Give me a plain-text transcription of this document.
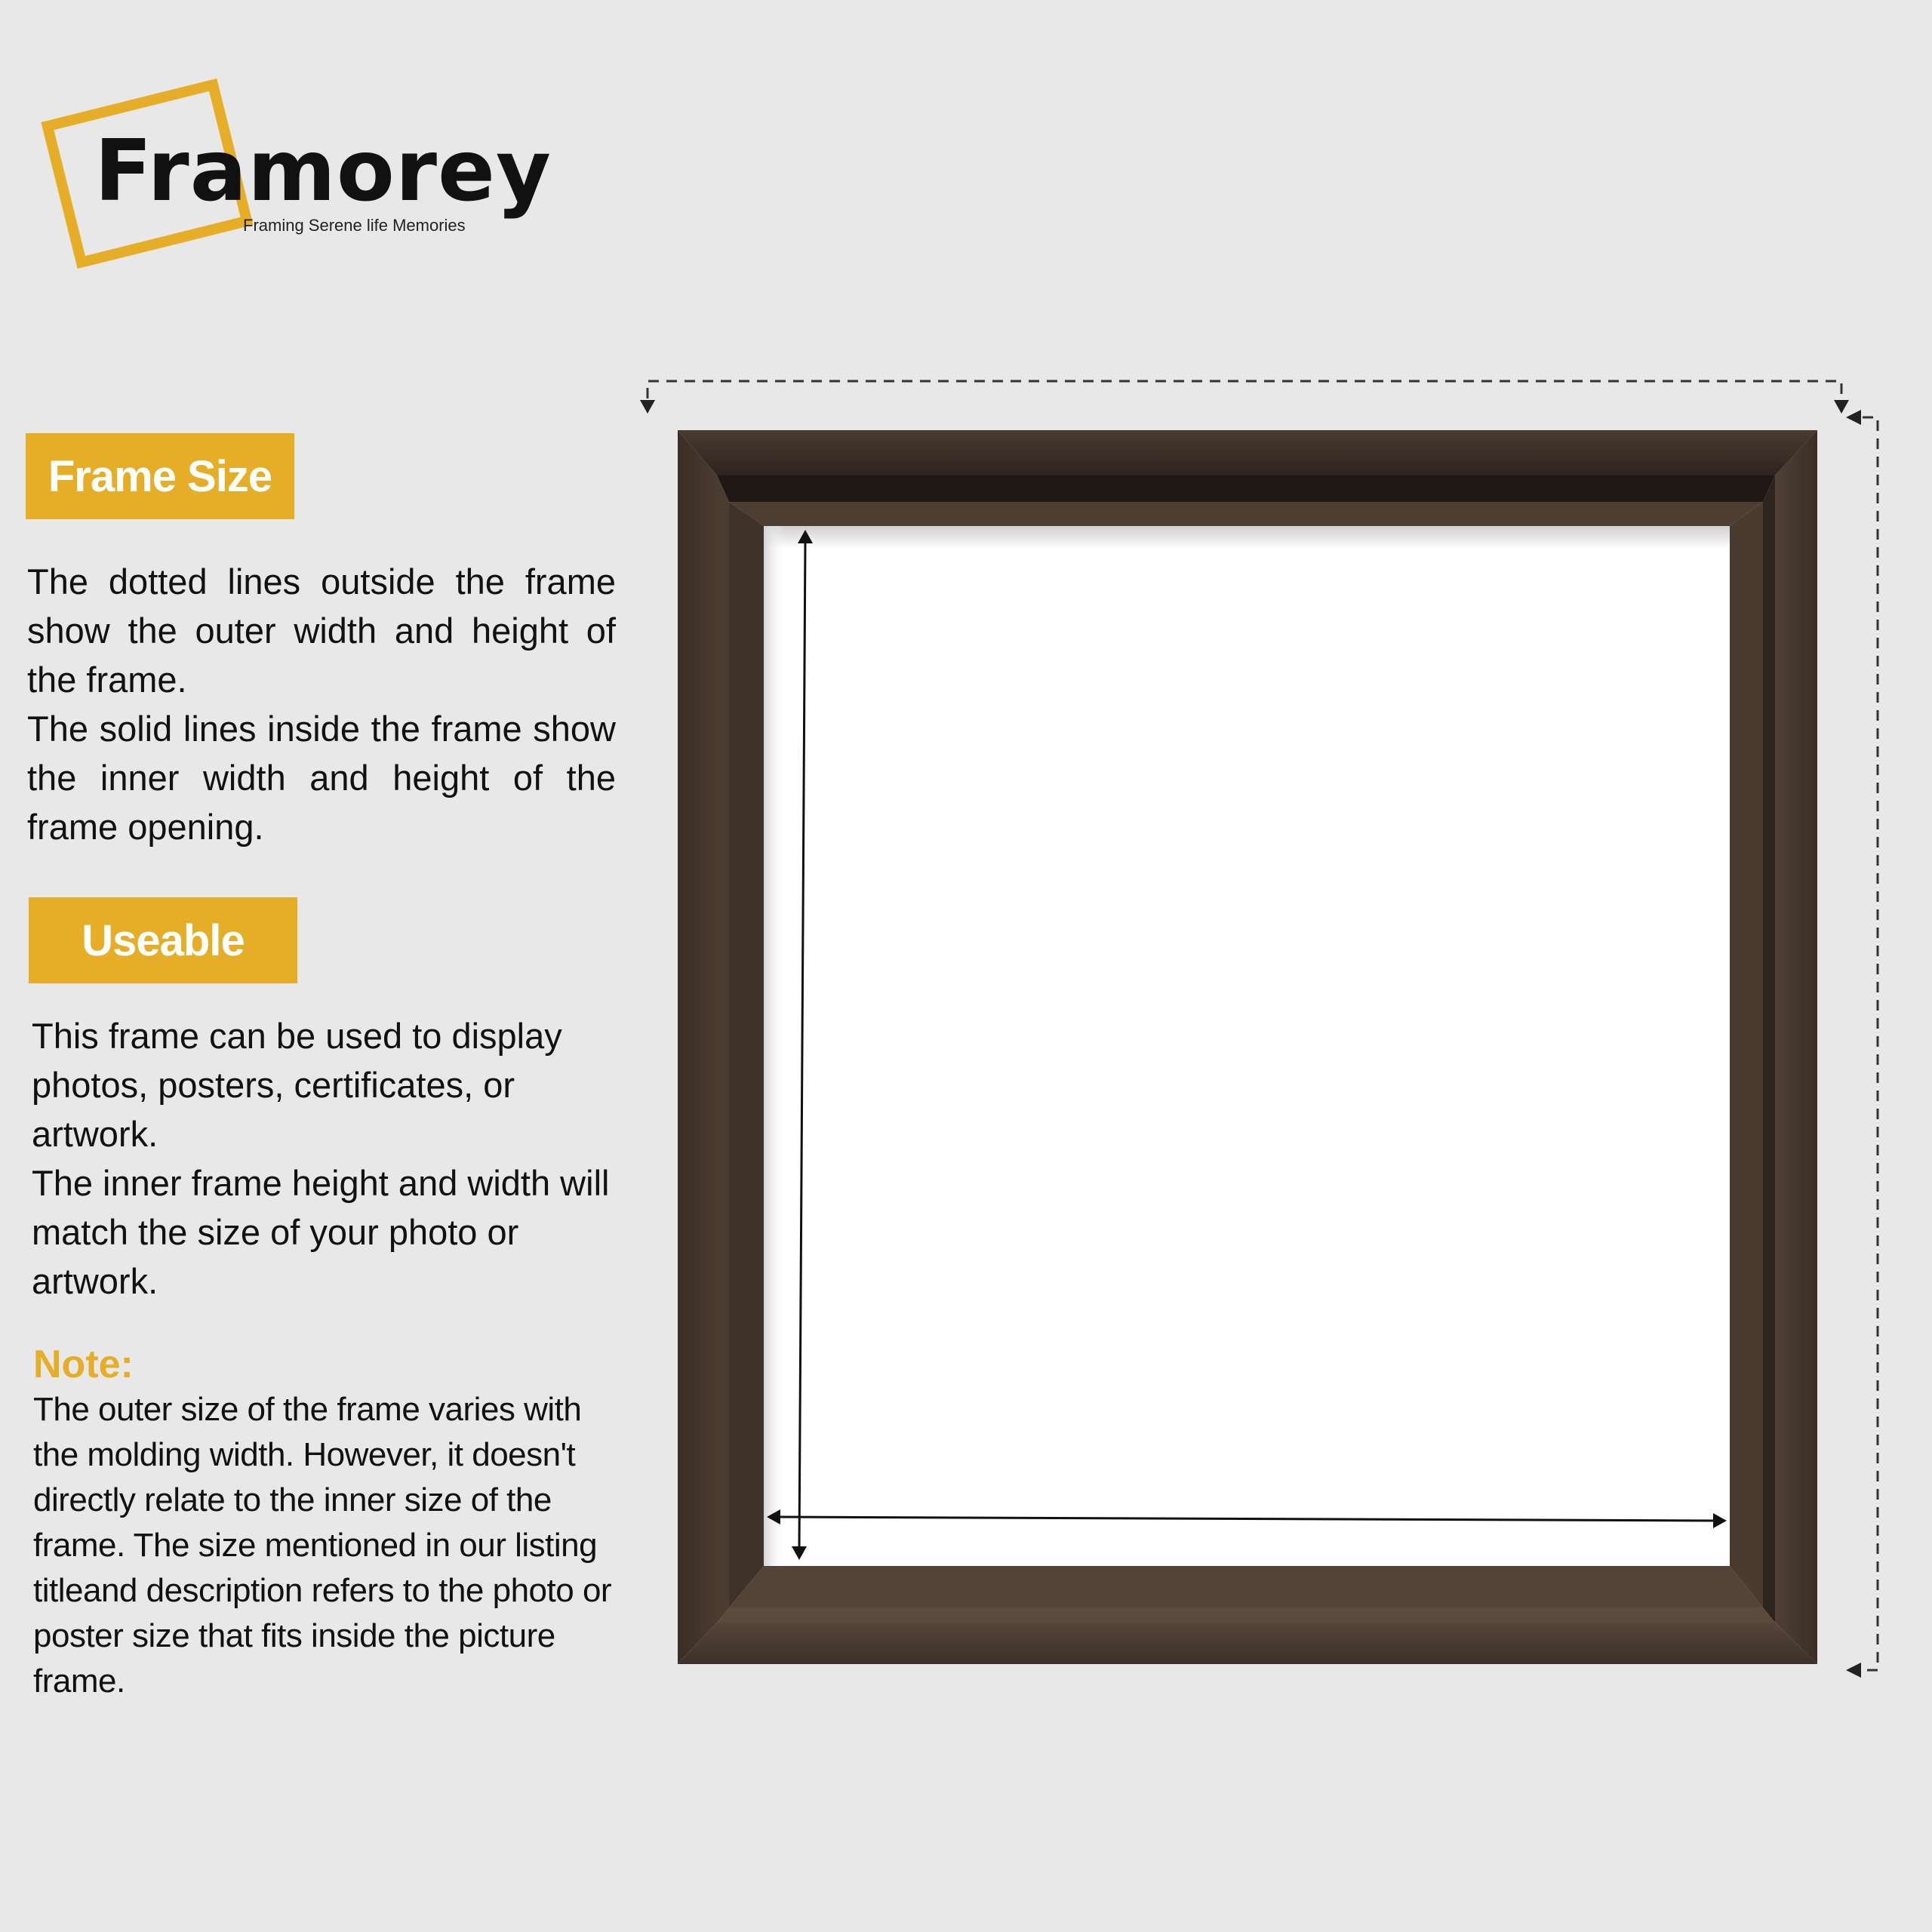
Framorey
Framing Serene life Memories
Frame Size

The dotted lines outside the frame show the outer width and height of the frame.

The solid lines inside the frame show the inner width and height of the frame opening.

Useable

This frame can be used to display photos, posters, certificates, or artwork.

The inner frame height and width will match the size of your photo or artwork.

Note:
The outer size of the frame varies with the molding width. However, it doesn't directly relate to the inner size of the frame. The size mentioned in our listing titleand description refers to the photo or poster size that fits inside the picture frame.
